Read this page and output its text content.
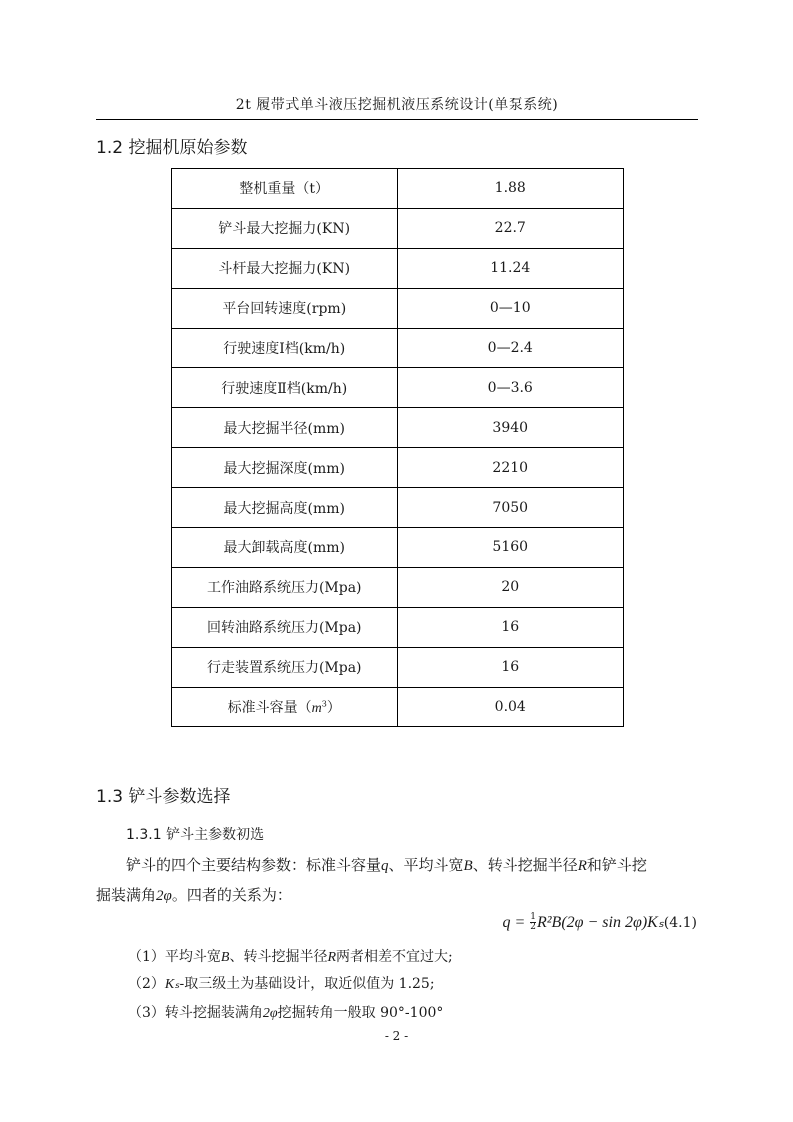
2t 履带式单斗液压挖掘机液压系统设计(单泵系统)
1.2 挖掘机原始参数
整机重量（t）	1.88
铲斗最大挖掘力(KN)	22.7
斗杆最大挖掘力(KN)	11.24
平台回转速度(rpm)	0—10
行驶速度Ⅰ档(km/h)	0—2.4
行驶速度Ⅱ档(km/h)	0—3.6
最大挖掘半径(mm)	3940
最大挖掘深度(mm)	2210
最大挖掘高度(mm)	7050
最大卸载高度(mm)	5160
工作油路系统压力(Mpa)	20
回转油路系统压力(Mpa)	16
行走装置系统压力(Mpa)	16
标准斗容量$(m^3)$	0.04
1.3 铲斗参数选择
1.3.1 铲斗主参数初选
铲斗的四个主要结构参数：标准斗容量q、平均斗宽B、转斗挖掘半径R和铲斗挖
掘装满角2φ。四者的关系为：
$q = \frac{1}{2} R^2B(2\varphi - \sin 2\varphi)K_s(4.1)$
（1）平均斗宽B、转斗挖掘半径R两者相差不宜过大;
（2）Kₛ-取三级土为基础设计，取近似值为 1.25;
（3）转斗挖掘装满角2φ挖掘转角一般取 90°-100°
- 2 -
